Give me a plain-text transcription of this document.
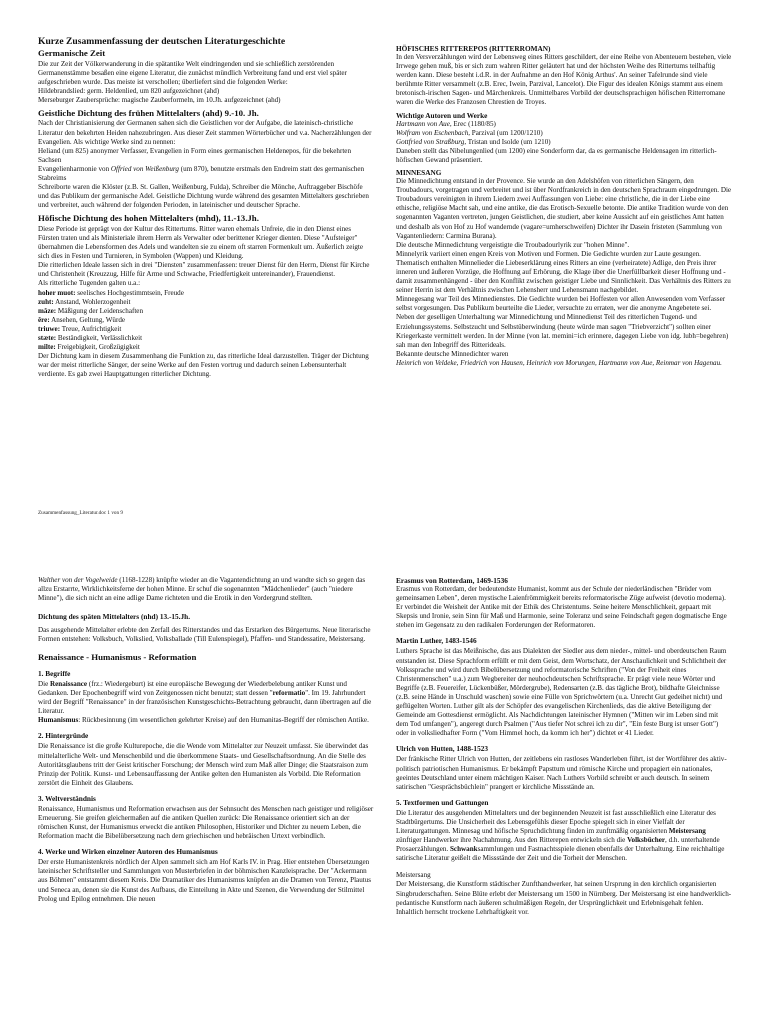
Kurze Zusammenfassung der deutschen Literaturgeschichte
Germanische Zeit

Die zur Zeit der Völkerwanderung in die spätantike Welt eindringenden und sie schließlich zerstörenden Germanenstämme besaßen eine eigene Literatur, die zunächst mündlich Verbreitung fand und erst viel später aufgeschrieben wurde. Das meiste ist verschollen; überliefert sind die folgenden Werke:

Hildebrandslied: germ. Heldenlied, um 820 aufgezeichnet (ahd)

Merseburger Zaubersprüche: magische Zauberformeln, im 10.Jh. aufgezeichnet (ahd)

Geistliche Dichtung des frühen Mittelalters (ahd) 9.-10. Jh.

Nach der Christianisierung der Germanen sahen sich die Geistlichen vor der Aufgabe, die lateinisch-christliche Literatur den bekehrten Heiden nahezubringen. Aus dieser Zeit stammen Wörterbücher und v.a. Nacherzählungen der Evangelien. Als wichtige Werke sind zu nennen:

Heliand (um 825) anonymer Verfasser, Evangelien in Form eines germanischen Heldenepos, für die bekehrten Sachsen

Evangelienharmonie von Offried von Weißenburg (um 870), benutzte erstmals den Endreim statt des germanischen Stabreims

Schreiborte waren die Klöster (z.B. St. Gallen, Weißenburg, Fulda), Schreiber die Mönche, Auftraggeber Bischöfe und das Publikum der germanische Adel. Geistliche Dichtung wurde während des gesamten Mittelalters geschrieben und verbreitet, auch während der folgenden Perioden, in lateinischer und deutscher Sprache.

Höfische Dichtung des hohen Mittelalters (mhd), 11.-13.Jh.

Diese Periode ist geprägt von der Kultur des Rittertums. Ritter waren ehemals Unfreie, die in den Dienst eines Fürsten traten und als Ministeriale ihrem Herrn als Verwalter oder berittener Krieger dienten. Diese "Aufsteiger" übernahmen die Lebensformen des Adels und wandelten sie zu einem oft starren Formenkult um. Äußerlich zeigte sich dies in Festen und Turnieren, in Symbolen (Wappen) und Kleidung.

Die ritterlichen Ideale lassen sich in drei "Diensten" zusammenfassen: treuer Dienst für den Herrn, Dienst für Kirche und Christenheit (Kreuzzug, Hilfe für Arme und Schwache, Friedfertigkeit untereinander), Frauendienst.

Als ritterliche Tugenden galten u.a.:

hoher muot: seelisches Hochgestimmtsein, Freude

zuht: Anstand, Wohlerzogenheit

mâze: Mäßigung der Leidenschaften

êre: Ansehen, Geltung, Würde

triuwe: Treue, Aufrichtigkeit

stæte: Beständigkeit, Verlässlichkeit

milte: Freigebigkeit, Großzügigkeit

Der Dichtung kam in diesem Zusammenhang die Funktion zu, das ritterliche Ideal darzustellen. Träger der Dichtung war der meist ritterliche Sänger, der seine Werke auf den Festen vortrug und dadurch seinen Lebensunterhalt verdiente. Es gab zwei Hauptgattungen ritterlicher Dichtung.

HÖFISCHES RITTEREPOS (RITTERROMAN)

In den Versverzählungen wird der Lebensweg eines Ritters geschildert, der eine Reihe von Abenteuern bestehen, viele Irrwege gehen muß, bis er sich zum wahren Ritter geläutert hat und der höchsten Weihe des Rittertums teilhaftig werden kann. Diese besteht i.d.R. in der Aufnahme an den Hof König Arthus'. An seiner Tafelrunde sind viele berühmte Ritter versammelt (z.B. Erec, Iwein, Parzival, Lancelot). Die Figur des idealen Königs stammt aus einem bretonisch-irischen Sagen- und Märchenkreis. Unmittelbares Vorbild der deutschsprachigen höfischen Ritterromane waren die Werke des Franzosen Chrestien de Troyes.

Wichtige Autoren und Werke

Hartmann von Aue, Erec (1180/85)

Wolfram von Eschenbach, Parzival (um 1200/1210)

Gottfried von Straßburg, Tristan und Isolde (um 1210)

Daneben stellt das Nibelungenlied (um 1200) eine Sonderform dar, da es germanische Heldensagen im ritterlich-höfischen Gewand präsentiert.

MINNESANG

Die Minnedichtung entstand in der Provence. Sie wurde an den Adelshöfen von ritterlichen Sängern, den Troubadours, vorgetragen und verbreitet und ist über Nordfrankreich in den deutschen Sprachraum eingedrungen. Die Troubadours vereinigten in ihrem Liedern zwei Auffassungen von Liebe: eine christliche, die in der Liebe eine ethische, religiöse Macht sah, und eine antike, die das Erotisch-Sexuelle betonte. Die antike Tradition wurde von den sogenannten Vaganten vertreten, jungen Geistlichen, die studiert, aber keine Aussicht auf ein geistliches Amt hatten und deshalb als von Hof zu Hof wandernde (vagare=umherschweifen) Dichter ihr Dasein fristeten (Sammlung von Vagantenliedern: Carmina Burana).

Die deutsche Minnedichtung vergeistigte die Troubadourlyrik zur "hohen Minne".

Minnelyrik variiert einen engen Kreis von Motiven und Formen. Die Gedichte wurden zur Laute gesungen. Thematisch enthalten Minnelieder die Liebeserklärung eines Ritters an eine (verheiratete) Adlige, den Preis ihrer inneren und äußeren Vorzüge, die Hoffnung auf Erhörung, die Klage über die Unerfüllbarkeit dieser Hoffnung und - damit zusammenhängend - über den Konflikt zwischen geistiger Liebe und Sinnlichkeit. Das Verhältnis des Ritters zu seiner Herrin ist dem Verhältnis zwischen Lehensherr und Lehensmann nachgebildet.

Minnegesang war Teil des Minnedienstes. Die Gedichte wurden bei Hoffesten vor allen Anwesenden vom Verfasser selbst vorgesungen. Das Publikum beurteilte die Lieder, versuchte zu erraten, wer die anonyme Angebetete sei.

Neben der geselligen Unterhaltung war Minnedichtung und Minnedienst Teil des ritterlichen Tugend- und Erziehungssystems. Selbstzucht und Selbstüberwindung (heute würde man sagen "Triebverzicht") sollten einer Kriegerkaste vermittelt werden. In der Minne (von lat. memini=ich erinnere, dagegen Liebe von idg. lubh=begehren) sah man den Inbegriff des Ritterideals.

Bekannte deutsche Minnedichter waren

Heinrich von Veldeke, Friedrich von Hausen, Heinrich von Morungen, Hartmann von Aue, Reinmar von Hagenau.

Zusammenfassung_Literatur.doc 1 von 9

Walther von der Vogelweide (1168-1228) knüpfte wieder an die Vagantendichtung an und wandte sich so gegen das allzu Erstarrte, Wirklichkeitsferne der hohen Minne. Er schuf die sogenannten "Mädchenlieder" (auch "niedere Minne"), die sich nicht an eine adlige Dame richteten und die Erotik in den Vordergrund stellten.

Dichtung des späten Mittelalters (nhd) 13.-15.Jh.

Das ausgehende Mittelalter erlebte den Zerfall des Ritterstandes und das Erstarken des Bürgertums. Neue literarische Formen entstehen: Volksbuch, Volkslied, Volksballade (Till Eulenspiegel), Pfaffen- und Standessatire, Meistersang.

Renaissance - Humanismus - Reformation
1. Begriffe

Die Renaissance (frz.: Wiedergeburt) ist eine europäische Bewegung der Wiederbelebung antiker Kunst und Gedanken. Der Epochenbegriff wird von Zeitgenossen nicht benutzt; statt dessen "reformatio". Im 19. Jahrhundert wird der Begriff "Renaissance" in der französischen Kunstgeschichts-Betrachtung gebraucht, dann übertragen auf die Literatur.

Humanismus: Rückbesinnung (im wesentlichen gelehrter Kreise) auf den Humanitas-Begriff der römischen Antike.

2. Hintergründe

Die Renaissance ist die große Kulturepoche, die die Wende vom Mittelalter zur Neuzeit umfasst. Sie überwindet das mittelalterliche Welt- und Menschenbild und die überkommene Staats- und Gesellschaftsordnung. An die Stelle des Autoritätsglaubens tritt der Geist kritischer Forschung; der Mensch wird zum Maß aller Dinge; die Staatsraison zum Prinzip der Politik. Kunst- und Lebensauffassung der Antike gelten den Humanisten als Vorbild. Die Reformation zerstört die Einheit des Glaubens.

3. Weltverständnis

Renaissance, Humanismus und Reformation erwachsen aus der Sehnsucht des Menschen nach geistiger und religiöser Erneuerung. Sie greifen gleichermaßen auf die antiken Quellen zurück: Die Renaissance orientiert sich an der römischen Kunst, der Humanismus erweckt die antiken Philosophen, Historiker und Dichter zu neuem Leben, die Reformation macht die Bibelübersetzung nach dem griechischen und hebräischen Urtext verbindlich.

4. Werke und Wirken einzelner Autoren des Humanismus

Der erste Humanistenkreis nördlich der Alpen sammelt sich am Hof Karls IV. in Prag. Hier entstehen Übersetzungen lateinischer Schriftsteller und Sammlungen von Musterbriefen in der böhmischen Kanzleisprache. Der "Ackermann aus Böhmen" entstammt diesem Kreis. Die Dramatiker des Humanismus knüpfen an die Dramen von Terenz, Plautus und Seneca an, denen sie die Kunst des Aufbaus, die Einteilung in Akte und Szenen, die Verwendung der Stilmittel Prolog und Epilog entnehmen. Die neuen

Erasmus von Rotterdam, 1469-1536

Erasmus von Rotterdam, der bedeutendste Humanist, kommt aus der Schule der niederländischen "Brüder vom gemeinsamen Leben", deren mystische Laienfrömmigkeit bereits reformatorische Züge aufweist (devotio moderna). Er verbindet die Weisheit der Antike mit der Ethik des Christentums. Seine heitere Menschlichkeit, gepaart mit Skepsis und Ironie, sein Sinn für Maß und Harmonie, seine Toleranz und seine Feindschaft gegen dogmatische Enge stehen im Gegensatz zu den radikalen Forderungen der Reformatoren.

Martin Luther, 1483-1546

Luthers Sprache ist das Meißnische, das aus Dialekten der Siedler aus dem nieder-, mittel- und oberdeutschen Raum entstanden ist. Diese Sprachform erfüllt er mit dem Geist, dem Wortschatz, der Anschaulichkeit und Schlichtheit der Volkssprache und wird durch Bibelübersetzung und reformatorische Schriften ("Von der Freiheit eines Christenmenschen" u.a.) zum Wegbereiter der neuhochdeutschen Schriftsprache. Er prägt viele neue Wörter und Begriffe (z.B. Feuereifer, Lückenbüßer, Mördergrube), Redensarten (z.B. das tägliche Brot), bildhafte Gleichnisse (z.B. seine Hände in Unschuld waschen) sowie eine Fülle von Sprichwörtern (u.a. Unrecht Gut gedeihet nicht) und geflügelten Worten. Luther gilt als der Schöpfer des evangelischen Kirchenlieds, das die aktive Beteiligung der Gemeinde am Gottesdienst ermöglicht. Als Nachdichtungen lateinischer Hymnen ("Mitten wir im Leben sind mit dem Tod umfangen"), angeregt durch Psalmen ("Aus tiefer Not schrei ich zu dir", "Ein feste Burg ist unser Gott") oder in volksliedhafter Form ("Vom Himmel hoch, da komm ich her") dichtet er 41 Lieder.

Ulrich von Hutten, 1488-1523

Der fränkische Ritter Ulrich von Hutten, der zeitlebens ein rastloses Wanderleben führt, ist der Wortführer des aktiv-politisch patriotischen Humanismus. Er bekämpft Papsttum und römische Kirche und propagiert ein nationales, geeintes Deutschland unter einem mächtigen Kaiser. Nach Luthers Vorbild schreibt er auch deutsch. In seinem satirischen "Gesprächsbüchlein" prangert er kirchliche Missstände an.

5. Textformen und Gattungen

Die Literatur des ausgehenden Mittelalters und der beginnenden Neuzeit ist fast ausschließlich eine Literatur des Stadtbürgertums. Die Unsicherheit des Lebensgefühls dieser Epoche spiegelt sich in einer Vielfalt der Literaturgattungen. Minnesag und höfische Spruchdichtung finden im zunftmäßig organisierten Meistersang zünftiger Handwerker ihre Nachahmung. Aus den Ritterepen entwickeln sich die Volksbücher, d.h. unterhaltende Prosaerzählungen. Schwanksammlungen und Fastnachtsspiele dienen ebenfalls der Unterhaltung. Eine reichhaltige satirische Literatur geißelt die Missstände der Zeit und die Torheit der Menschen.

Meistersang

Der Meistersang, die Kunstform städtischer Zunfthandwerker, hat seinen Ursprung in den kirchlich organisierten Singbruderschaften. Seine Blüte erlebt der Meistersang um 1500 in Nürnberg. Der Meistersang ist eine handwerklich-pedantische Kunstform nach äußeren schulmäßigen Regeln, der Ursprünglichkeit und Erlebnisgehalt fehlen. Inhaltlich herrscht trockene Lehrhaftigkeit vor.
